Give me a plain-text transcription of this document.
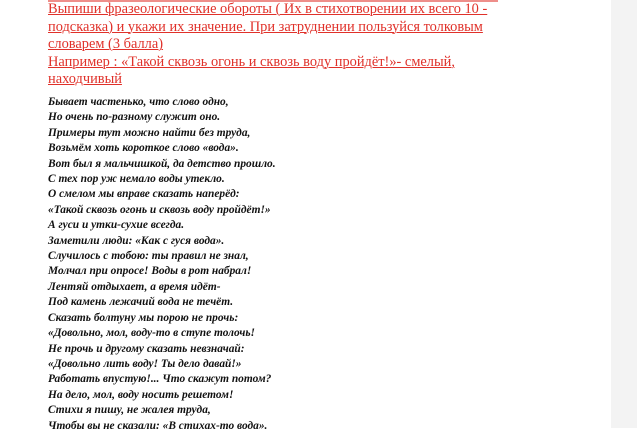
Выпиши фразеологические обороты ( Их в стихотворении их всего 10 -
подсказка) и укажи их значение. При затруднении пользуйся толковым
словарем (3 балла)
Например : «Такой сквозь огонь и сквозь воду пройдёт!»- смелый,
находчивый
Бывает частенько, что слово одно,
Но очень по-разному служит оно.
Примеры тут можно найти без труда,
Возьмём хоть короткое слово «вода».
Вот был я мальчишкой, да детство прошло.
С тех пор уж немало воды утекло.
О смелом мы вправе сказать наперёд:
«Такой сквозь огонь и сквозь воду пройдёт!»
А гуси и утки-сухие всегда.
Заметили люди: «Как с гуся вода».
Случилось с тобою: ты правил не знал,
Молчал при опросе! Воды в рот набрал!
Лентяй отдыхает, а время идёт-
Под камень лежачий вода не течёт.
Сказать болтуну мы порою не прочь:
«Довольно, мол, воду-то в ступе толочь!
Не прочь и другому сказать невзначай:
«Довольно лить воду! Ты дело давай!»
Работать впустую!... Что скажут потом?
На дело, мол, воду носить решетом!
Стихи я пишу, не жалея труда,
Чтобы вы не сказали: «В стихах-то вода».
